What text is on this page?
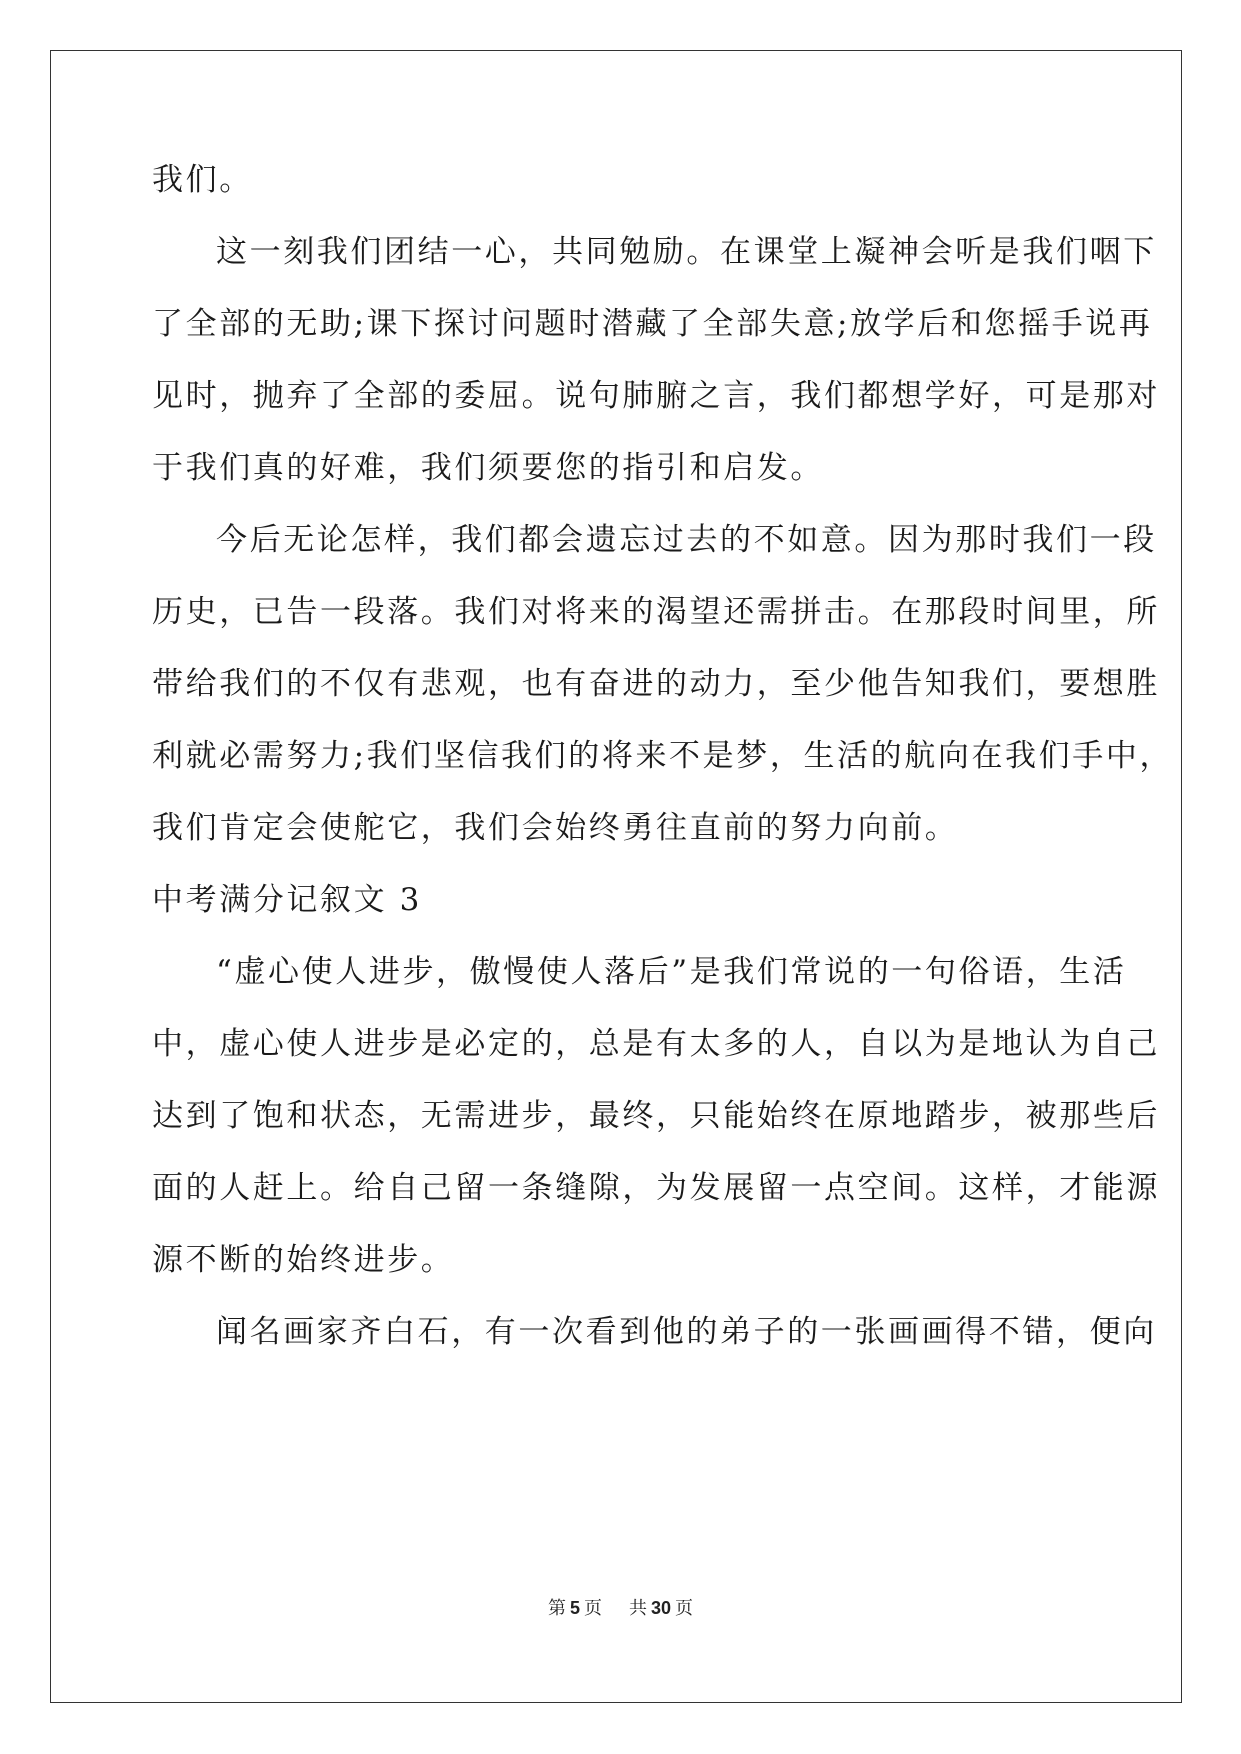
我们。
这一刻我们团结一心，共同勉励。在课堂上凝神会听是我们咽下
了全部的无助;课下探讨问题时潜藏了全部失意;放学后和您摇手说再
见时，抛弃了全部的委屈。说句肺腑之言，我们都想学好，可是那对
于我们真的好难，我们须要您的指引和启发。
今后无论怎样，我们都会遗忘过去的不如意。因为那时我们一段
历史，已告一段落。我们对将来的渴望还需拼击。在那段时间里，所
带给我们的不仅有悲观，也有奋进的动力，至少他告知我们，要想胜
利就必需努力;我们坚信我们的将来不是梦，生活的航向在我们手中，
我们肯定会使舵它，我们会始终勇往直前的努力向前。
中考满分记叙文 3
“虚心使人进步，傲慢使人落后”是我们常说的一句俗语，生活
中，虚心使人进步是必定的，总是有太多的人，自以为是地认为自己
达到了饱和状态，无需进步，最终，只能始终在原地踏步，被那些后
面的人赶上。给自己留一条缝隙，为发展留一点空间。这样，才能源
源不断的始终进步。
闻名画家齐白石，有一次看到他的弟子的一张画画得不错，便向
第 5 页 共 30 页
